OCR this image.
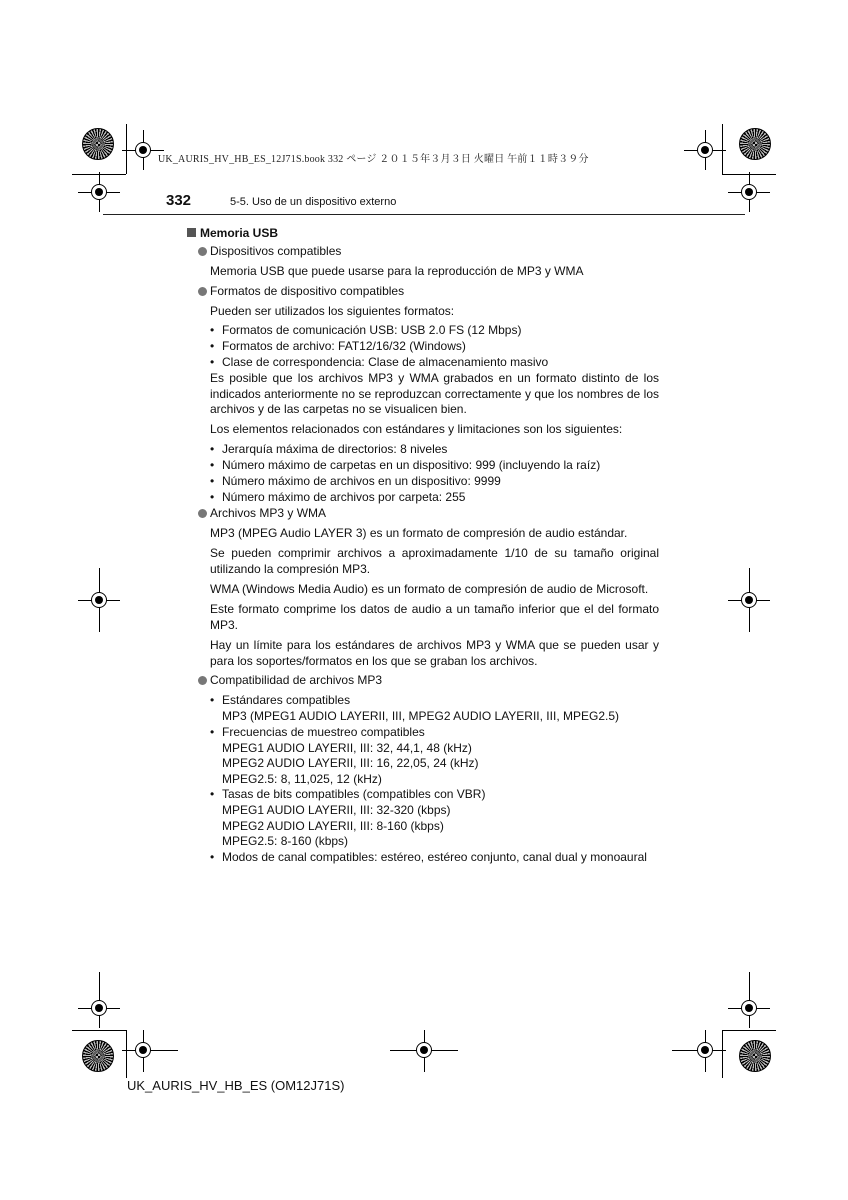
UK_AURIS_HV_HB_ES_12J71S.book 332 ページ ２０１５年３月３日 火曜日 午前１１時３９分
332	5-5. Uso de un dispositivo externo
Memoria USB
Dispositivos compatibles
Memoria USB que puede usarse para la reproducción de MP3 y WMA
Formatos de dispositivo compatibles
Pueden ser utilizados los siguientes formatos:
• Formatos de comunicación USB: USB 2.0 FS (12 Mbps)
• Formatos de archivo: FAT12/16/32 (Windows)
• Clase de correspondencia: Clase de almacenamiento masivo
Es posible que los archivos MP3 y WMA grabados en un formato distinto de los indicados anteriormente no se reproduzcan correctamente y que los nombres de los archivos y de las carpetas no se visualicen bien.
Los elementos relacionados con estándares y limitaciones son los siguientes:
• Jerarquía máxima de directorios: 8 niveles
• Número máximo de carpetas en un dispositivo: 999 (incluyendo la raíz)
• Número máximo de archivos en un dispositivo: 9999
• Número máximo de archivos por carpeta: 255
Archivos MP3 y WMA
MP3 (MPEG Audio LAYER 3) es un formato de compresión de audio estándar.
Se pueden comprimir archivos a aproximadamente 1/10 de su tamaño original utilizando la compresión MP3.
WMA (Windows Media Audio) es un formato de compresión de audio de Microsoft.
Este formato comprime los datos de audio a un tamaño inferior que el del formato MP3.
Hay un límite para los estándares de archivos MP3 y WMA que se pueden usar y para los soportes/formatos en los que se graban los archivos.
Compatibilidad de archivos MP3
• Estándares compatibles
MP3 (MPEG1 AUDIO LAYERII, III, MPEG2 AUDIO LAYERII, III, MPEG2.5)
• Frecuencias de muestreo compatibles
MPEG1 AUDIO LAYERII, III: 32, 44,1, 48 (kHz)
MPEG2 AUDIO LAYERII, III: 16, 22,05, 24 (kHz)
MPEG2.5: 8, 11,025, 12 (kHz)
• Tasas de bits compatibles (compatibles con VBR)
MPEG1 AUDIO LAYERII, III: 32-320 (kbps)
MPEG2 AUDIO LAYERII, III: 8-160 (kbps)
MPEG2.5: 8-160 (kbps)
• Modos de canal compatibles: estéreo, estéreo conjunto, canal dual y monoaural
UK_AURIS_HV_HB_ES (OM12J71S)
